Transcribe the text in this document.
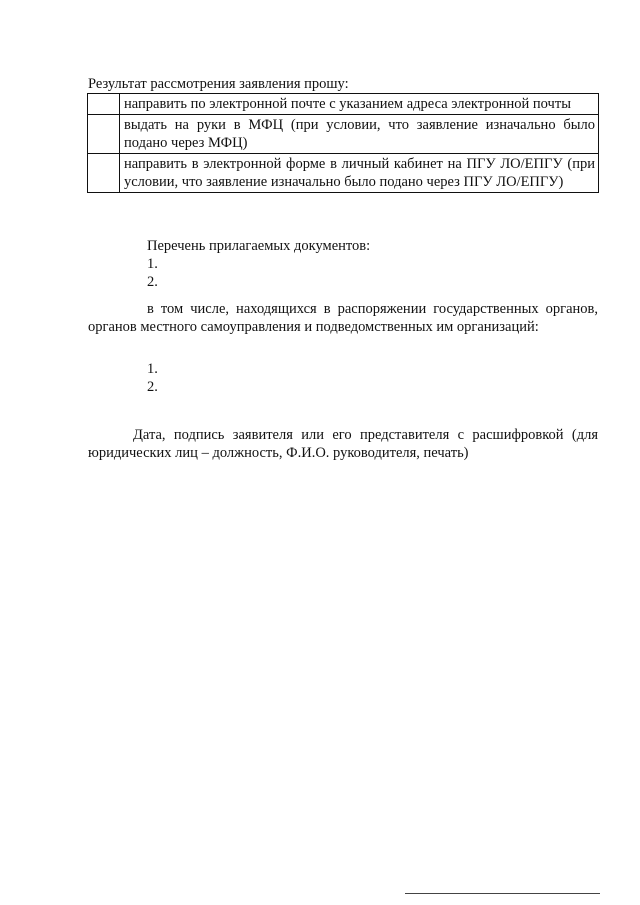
Результат рассмотрения заявления прошу:
	направить по электронной почте с указанием адреса электронной почты
	выдать на руки в МФЦ (при условии, что заявление изначально было подано через МФЦ)
	направить в электронной форме в личный кабинет на ПГУ ЛО/ЕПГУ (при условии, что заявление изначально было подано через ПГУ ЛО/ЕПГУ)
Перечень прилагаемых документов:
1.
2.
в том числе, находящихся в распоряжении государственных органов, органов местного самоуправления и подведомственных им организаций:
1.
2.
Дата, подпись заявителя или его представителя с расшифровкой (для юридических лиц – должность, Ф.И.О. руководителя, печать)
